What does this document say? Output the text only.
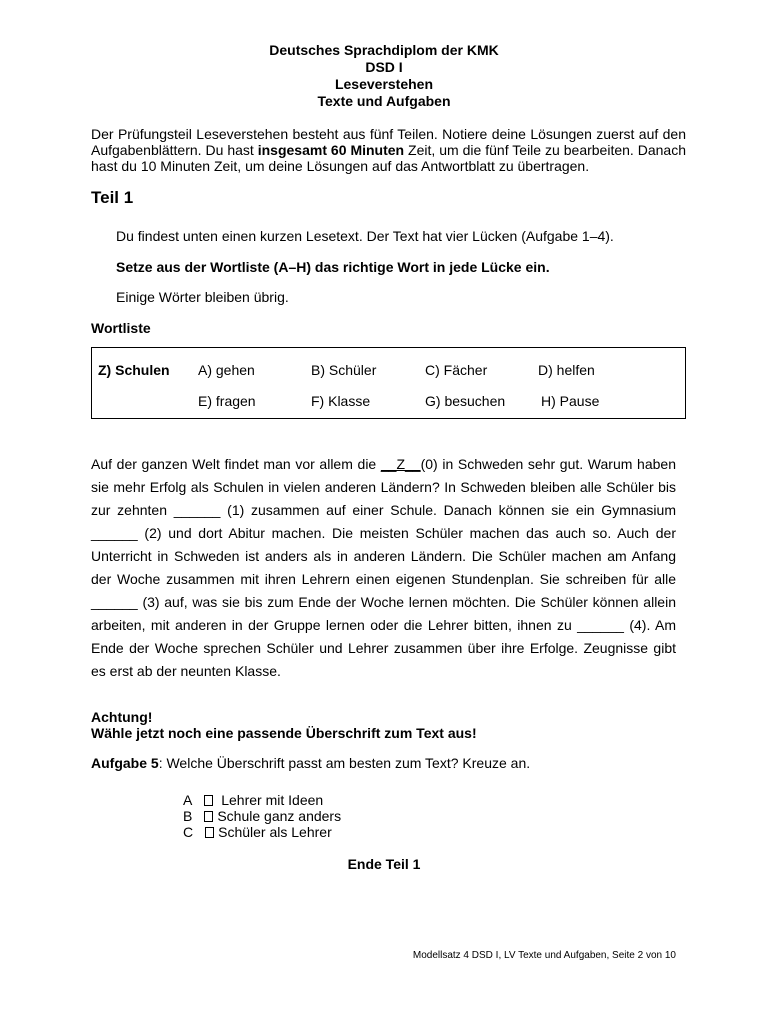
Deutsches Sprachdiplom der KMK
DSD I
Leseverstehen
Texte und Aufgaben
Der Prüfungsteil Leseverstehen besteht aus fünf Teilen. Notiere deine Lösungen zuerst auf den Aufgabenblättern. Du hast insgesamt 60 Minuten Zeit, um die fünf Teile zu bearbeiten. Danach hast du 10 Minuten Zeit, um deine Lösungen auf das Antwortblatt zu übertragen.
Teil 1
Du findest unten einen kurzen Lesetext. Der Text hat vier Lücken (Aufgabe 1–4).
Setze aus der Wortliste (A–H) das richtige Wort in jede Lücke ein.
Einige Wörter bleiben übrig.
Wortliste
Z) Schulen A) gehen	B) Schüler	C) Fächer	D) helfen
E) fragen	F) Klasse	G) besuchen	H) Pause
Auf der ganzen Welt findet man vor allem die __Z__(0) in Schweden sehr gut. Warum haben
sie mehr Erfolg als Schulen in vielen anderen Ländern? In Schweden bleiben alle Schüler bis
zur zehnten ______ (1) zusammen auf einer Schule. Danach können sie ein Gymnasium
______ (2) und dort Abitur machen. Die meisten Schüler machen das auch so. Auch der
Unterricht in Schweden ist anders als in anderen Ländern. Die Schüler machen am Anfang
der Woche zusammen mit ihren Lehrern einen eigenen Stundenplan. Sie schreiben für alle
______ (3) auf, was sie bis zum Ende der Woche lernen möchten. Die Schüler können allein
arbeiten, mit anderen in der Gruppe lernen oder die Lehrer bitten, ihnen zu ______ (4). Am
Ende der Woche sprechen Schüler und Lehrer zusammen über ihre Erfolge. Zeugnisse gibt
es erst ab der neunten Klasse.
Achtung!
Wähle jetzt noch eine passende Überschrift zum Text aus!
Aufgabe 5: Welche Überschrift passt am besten zum Text? Kreuze an.
A Lehrer mit Ideen
B Schule ganz anders
C Schüler als Lehrer
Ende Teil 1
Modellsatz 4 DSD I, LV Texte und Aufgaben, Seite 2 von 10
